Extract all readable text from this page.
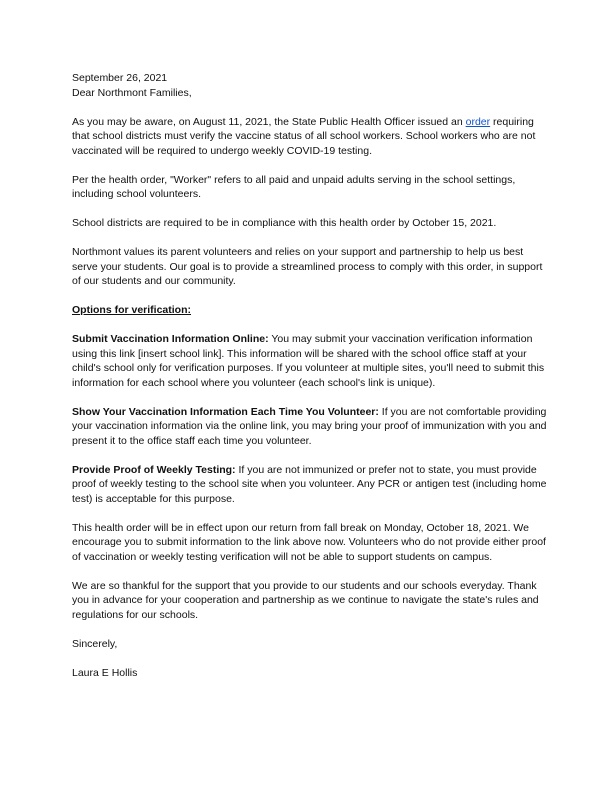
September 26, 2021

Dear Northmont Families,

As you may be aware, on August 11, 2021, the State Public Health Officer issued an order requiring that school districts must verify the vaccine status of all school workers. School workers who are not vaccinated will be required to undergo weekly COVID-19 testing.

Per the health order, "Worker" refers to all paid and unpaid adults serving in the school settings, including school volunteers.

School districts are required to be in compliance with this health order by October 15, 2021.

Northmont values its parent volunteers and relies on your support and partnership to help us best serve your students. Our goal is to provide a streamlined process to comply with this order, in support of our students and our community.

Options for verification:

Submit Vaccination Information Online: You may submit your vaccination verification information using this link [insert school link]. This information will be shared with the school office staff at your child's school only for verification purposes. If you volunteer at multiple sites, you'll need to submit this information for each school where you volunteer (each school's link is unique).

Show Your Vaccination Information Each Time You Volunteer: If you are not comfortable providing your vaccination information via the online link, you may bring your proof of immunization with you and present it to the office staff each time you volunteer.

Provide Proof of Weekly Testing: If you are not immunized or prefer not to state, you must provide proof of weekly testing to the school site when you volunteer. Any PCR or antigen test (including home test) is acceptable for this purpose.

This health order will be in effect upon our return from fall break on Monday, October 18, 2021. We encourage you to submit information to the link above now. Volunteers who do not provide either proof of vaccination or weekly testing verification will not be able to support students on campus.

We are so thankful for the support that you provide to our students and our schools everyday. Thank you in advance for your cooperation and partnership as we continue to navigate the state's rules and regulations for our schools.

Sincerely,

Laura E Hollis
